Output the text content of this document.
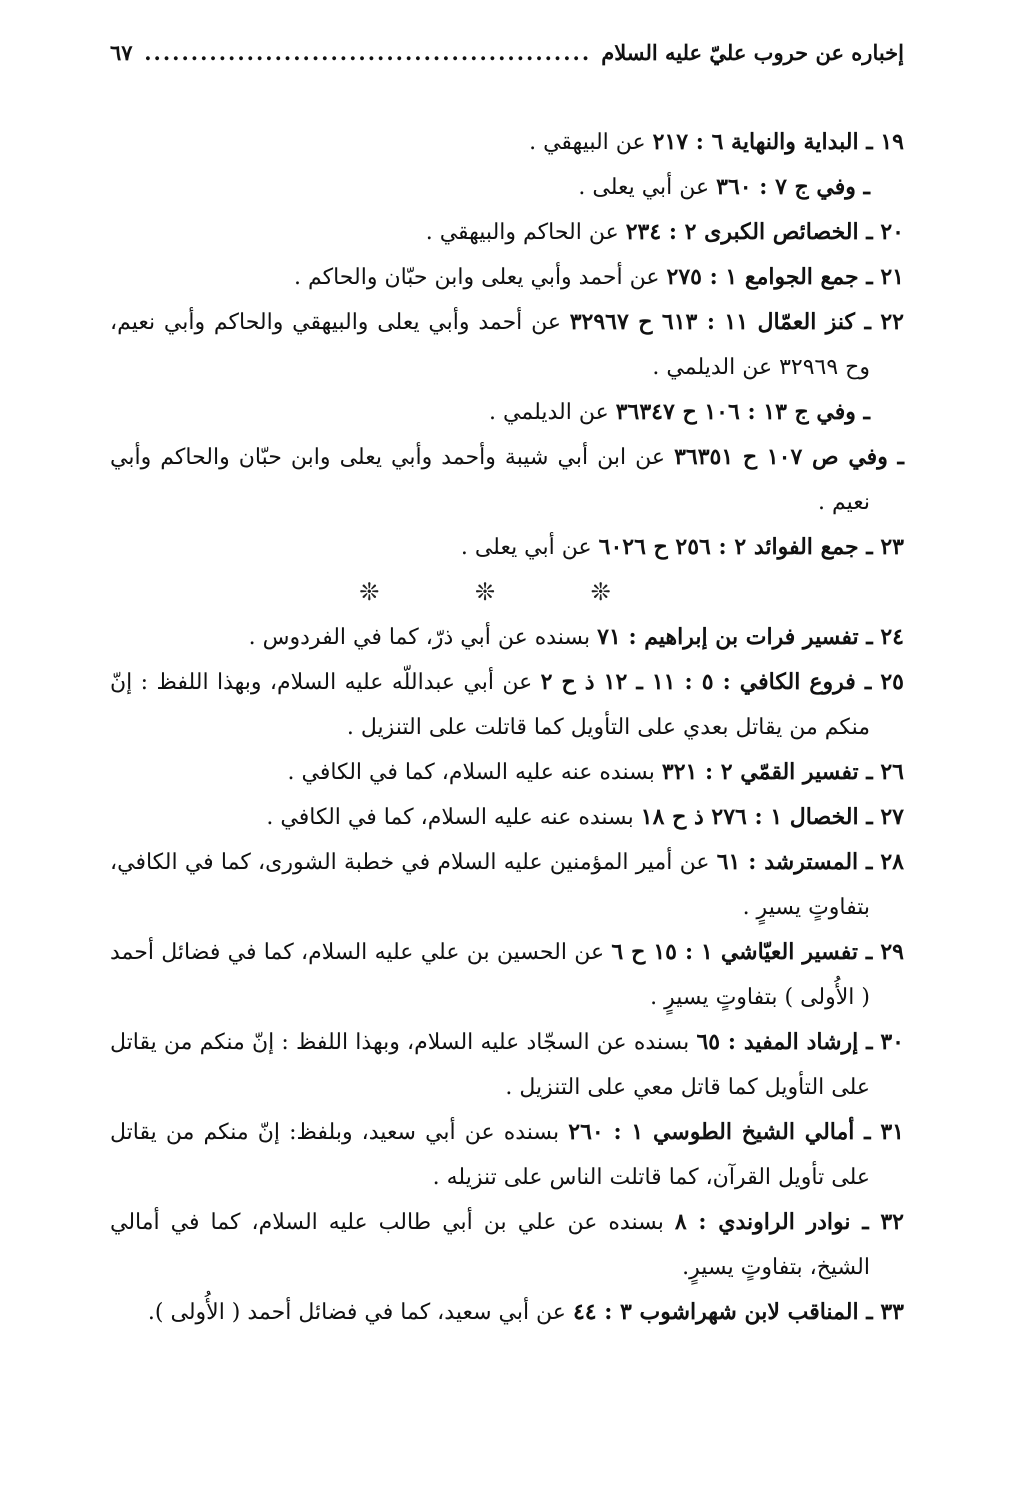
إخباره عن حروب عليّ عليه السلام
................................................
٦٧

١٩ ـ البداية والنهاية ٦ : ٢١٧ عن البيهقي .

ـ وفي ج ٧ : ٣٦٠ عن أبي يعلى .

٢٠ ـ الخصائص الكبرى ٢ : ٢٣٤ عن الحاكم والبيهقي .

٢١ ـ جمع الجوامع ١ : ٢٧٥ عن أحمد وأبي يعلى وابن حبّان والحاكم .

٢٢ ـ كنز العمّال ١١ : ٦١٣ ح ٣٢٩٦٧ عن أحمد وأبي يعلى والبيهقي والحاكم وأبي نعيم، وح ٣٢٩٦٩ عن الديلمي .

ـ وفي ج ١٣ : ١٠٦ ح ٣٦٣٤٧ عن الديلمي .

ـ وفي ص ١٠٧ ح ٣٦٣٥١ عن ابن أبي شيبة وأحمد وأبي يعلى وابن حبّان والحاكم وأبي نعيم .

٢٣ ـ جمع الفوائد ٢ : ٢٥٦ ح ٦٠٢٦ عن أبي يعلى .

❊ ❊ ❊

٢٤ ـ تفسير فرات بن إبراهيم : ٧١ بسنده عن أبي ذرّ، كما في الفردوس .

٢٥ ـ فروع الكافي : ٥ : ١١ ـ ١٢ ذ ح ٢ عن أبي عبداللّه عليه السلام، وبهذا اللفظ : إنّ منكم من يقاتل بعدي على التأويل كما قاتلت على التنزيل .

٢٦ ـ تفسير القمّي ٢ : ٣٢١ بسنده عنه عليه السلام، كما في الكافي .

٢٧ ـ الخصال ١ : ٢٧٦ ذ ح ١٨ بسنده عنه عليه السلام، كما في الكافي .

٢٨ ـ المسترشد : ٦١ عن أمير المؤمنين عليه السلام في خطبة الشورى، كما في الكافي، بتفاوتٍ يسيرٍ .

٢٩ ـ تفسير العيّاشي ١ : ١٥ ح ٦ عن الحسين بن علي عليه السلام، كما في فضائل أحمد ( الأُولى ) بتفاوتٍ يسيرٍ .

٣٠ ـ إرشاد المفيد : ٦٥ بسنده عن السجّاد عليه السلام، وبهذا اللفظ : إنّ منكم من يقاتل على التأويل كما قاتل معي على التنزيل .

٣١ ـ أمالي الشيخ الطوسي ١ : ٢٦٠ بسنده عن أبي سعيد، وبلفظ: إنّ منكم من يقاتل على تأويل القرآن، كما قاتلت الناس على تنزيله .

٣٢ ـ نوادر الراوندي : ٨ بسنده عن علي بن أبي طالب عليه السلام، كما في أمالي الشيخ، بتفاوتٍ يسيرٍ.

٣٣ ـ المناقب لابن شهراشوب ٣ : ٤٤ عن أبي سعيد، كما في فضائل أحمد ( الأُولى ).
